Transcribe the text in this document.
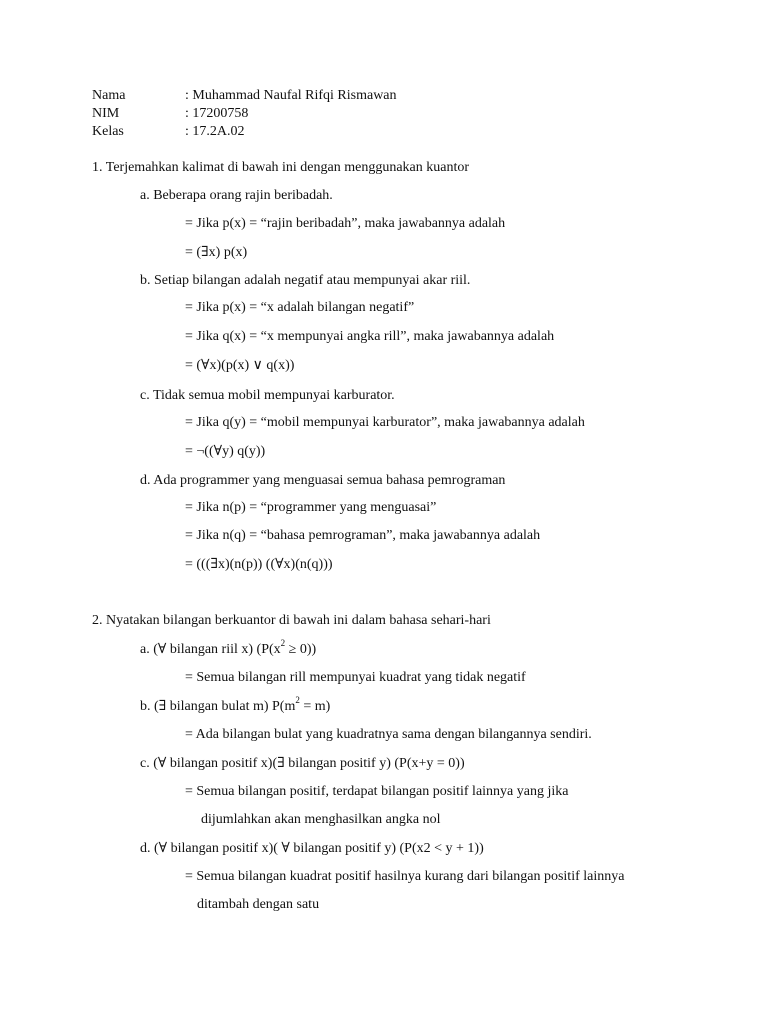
Nama	: Muhammad Naufal Rifqi Rismawan
NIM	: 17200758
Kelas	: 17.2A.02
1. Terjemahkan kalimat di bawah ini dengan menggunakan kuantor
a. Beberapa orang rajin beribadah.
= Jika p(x) = “rajin beribadah”, maka jawabannya adalah
= (∃x) p(x)
b. Setiap bilangan adalah negatif atau mempunyai akar riil.
= Jika p(x) = “x adalah bilangan negatif”
= Jika q(x) = “x mempunyai angka rill”, maka jawabannya adalah
= (∀x)(p(x) ∨ q(x))
c. Tidak semua mobil mempunyai karburator.
= Jika q(y) = “mobil mempunyai karburator”, maka jawabannya adalah
= ¬((∀y) q(y))
d. Ada programmer yang menguasai semua bahasa pemrograman
= Jika n(p) = “programmer yang menguasai”
= Jika n(q) = “bahasa pemrograman”, maka jawabannya adalah
= (((∃x)(n(p)) ((∀x)(n(q)))
2. Nyatakan bilangan berkuantor di bawah ini dalam bahasa sehari-hari
a. (∀ bilangan riil x) $(P(x^2 \ge 0))$
= Semua bilangan rill mempunyai kuadrat yang tidak negatif
b. (∃ bilangan bulat m) $P(m^2 = m)$
= Ada bilangan bulat yang kuadratnya sama dengan bilangannya sendiri.
c. (∀ bilangan positif x)(∃ bilangan positif y) (P(x+y = 0))
= Semua bilangan positif, terdapat bilangan positif lainnya yang jika
dijumlahkan akan menghasilkan angka nol
d. (∀ bilangan positif x)( ∀ bilangan positif y) (P(x2 < y + 1))
= Semua bilangan kuadrat positif hasilnya kurang dari bilangan positif lainnya
ditambah dengan satu
